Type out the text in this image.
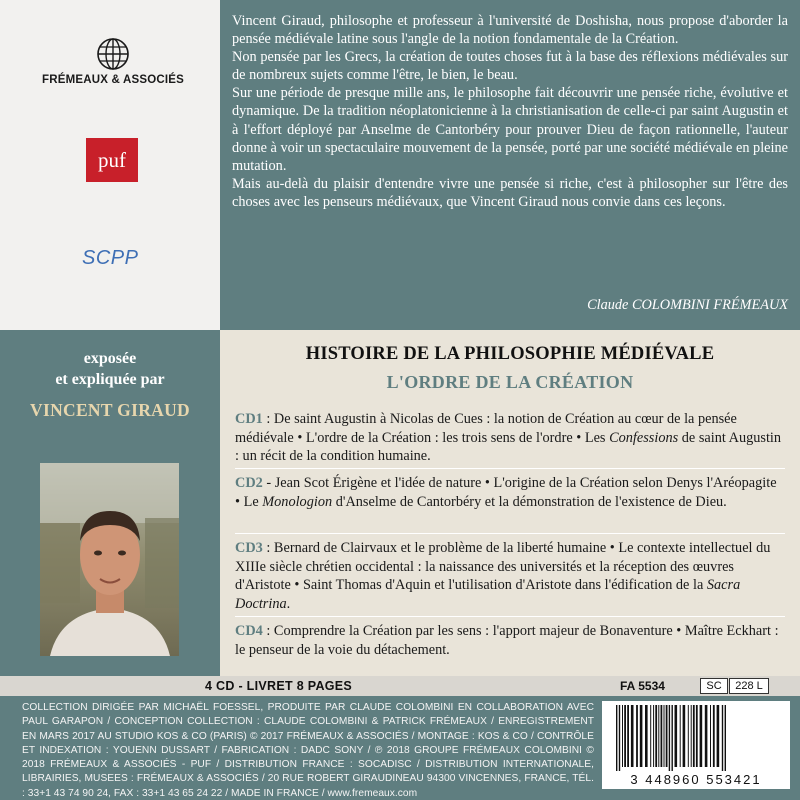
FRÉMEAUX & ASSOCIÉS
puf
SCPP

Vincent Giraud, philosophe et professeur à l'université de Doshisha, nous propose d'aborder la pensée médiévale latine sous l'angle de la notion fondamentale de la Création.

Non pensée par les Grecs, la création de toutes choses fut à la base des réflexions médiévales sur de nombreux sujets comme l'être, le bien, le beau.

Sur une période de presque mille ans, le philosophe fait découvrir une pensée riche, évolutive et dynamique. De la tradition néoplatonicienne à la christianisation de celle-ci par saint Augustin et à l'effort déployé par Anselme de Cantorbéry pour prouver Dieu de façon rationnelle, l'auteur donne à voir un spectaculaire mouvement de la pensée, porté par une société médiévale en pleine mutation.

Mais au-delà du plaisir d'entendre vivre une pensée si riche, c'est à philosopher sur l'être des choses avec les penseurs médiévaux, que Vincent Giraud nous convie dans ces leçons.

Claude COLOMBINI FRÉMEAUX
exposée
et expliquée par
VINCENT GIRAUD
HISTOIRE DE LA PHILOSOPHIE MÉDIÉVALE
L'ORDRE DE LA CRÉATION
CD1 : De saint Augustin à Nicolas de Cues : la notion de Création au cœur de la pensée médiévale • L'ordre de la Création : les trois sens de l'ordre • Les Confessions de saint Augustin : un récit de la condition humaine.
CD2 - Jean Scot Érigène et l'idée de nature • L'origine de la Création selon Denys l'Aréopagite • Le Monologion d'Anselme de Cantorbéry et la démonstration de l'existence de Dieu.
CD3 : Bernard de Clairvaux et le problème de la liberté humaine • Le contexte intellectuel du XIIIe siècle chrétien occidental : la naissance des universités et la réception des œuvres d'Aristote • Saint Thomas d'Aquin et l'utilisation d'Aristote dans l'édification de la Sacra Doctrina.
CD4 : Comprendre la Création par les sens : l'apport majeur de Bonaventure • Maître Eckhart : le penseur de la voie du détachement.
4 CD - LIVRET 8 PAGES	FA 5534	SC	228 L
COLLECTION DIRIGÉE PAR MICHAËL FOESSEL, PRODUITE PAR CLAUDE COLOMBINI EN COLLABORATION AVEC PAUL GARAPON / CONCEPTION COLLECTION : CLAUDE COLOMBINI & PATRICK FRÉMEAUX / ENREGISTREMENT EN MARS 2017 AU STUDIO KOS & CO (PARIS) © 2017 FRÉMEAUX & ASSOCIÉS / MONTAGE : KOS & CO / CONTRÔLE ET INDEXATION : YOUENN DUSSART / FABRICATION : DADC SONY / ℗ 2018 GROUPE FRÉMEAUX COLOMBINI © 2018 FRÉMEAUX & ASSOCIÉS - PUF / DISTRIBUTION FRANCE : SOCADISC / DISTRIBUTION INTERNATIONALE, LIBRAIRIES, MUSEES : FRÉMEAUX & ASSOCIÉS / 20 RUE ROBERT GIRAUDINEAU 94300 VINCENNES, FRANCE, TÉL. : 33+1 43 74 90 24, FAX : 33+1 43 65 24 22 / MADE IN FRANCE / www.fremeaux.com
3 448960 553421
